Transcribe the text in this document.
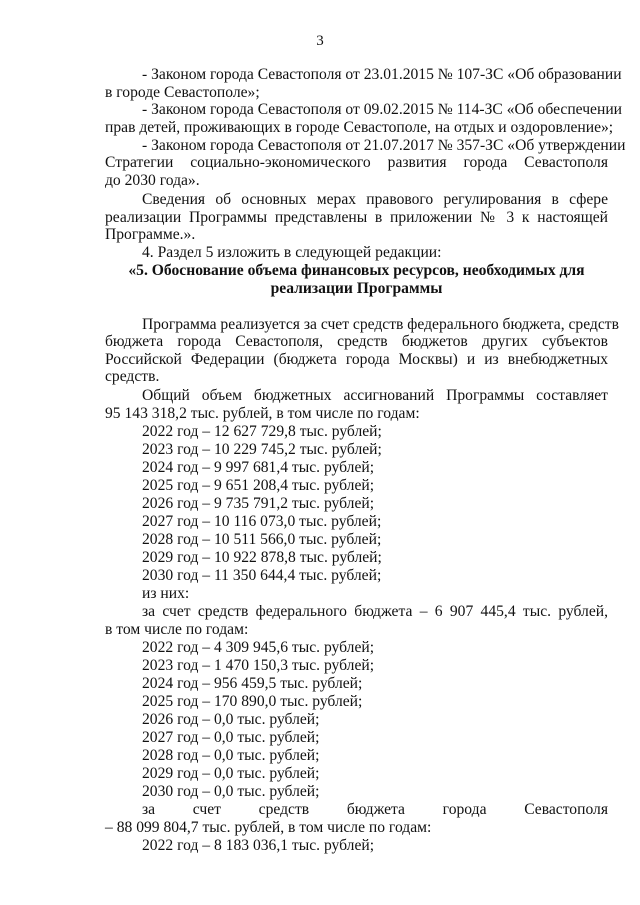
3
- Законом города Севастополя от 23.01.2015 № 107-ЗС «Об образовании
в городе Севастополе»;
- Законом города Севастополя от 09.02.2015 № 114-ЗС «Об обеспечении
прав детей, проживающих в городе Севастополе, на отдых и оздоровление»;
- Законом города Севастополя от 21.07.2017 № 357-ЗС «Об утверждении
Стратегии социально-экономического развития города Севастополя
до 2030 года».
Сведения об основных мерах правового регулирования в сфере
реализации Программы представлены в приложении № 3 к настоящей
Программе.».
4. Раздел 5 изложить в следующей редакции:
«5. Обоснование объема финансовых ресурсов, необходимых для
реализации Программы
Программа реализуется за счет средств федерального бюджета, средств
бюджета города Севастополя, средств бюджетов других субъектов
Российской Федерации (бюджета города Москвы) и из внебюджетных
средств.
Общий объем бюджетных ассигнований Программы составляет
95 143 318,2 тыс. рублей, в том числе по годам:
2022 год – 12 627 729,8 тыс. рублей;
2023 год – 10 229 745,2 тыс. рублей;
2024 год – 9 997 681,4 тыс. рублей;
2025 год – 9 651 208,4 тыс. рублей;
2026 год – 9 735 791,2 тыс. рублей;
2027 год – 10 116 073,0 тыс. рублей;
2028 год – 10 511 566,0 тыс. рублей;
2029 год – 10 922 878,8 тыс. рублей;
2030 год – 11 350 644,4 тыс. рублей;
из них:
за счет средств федерального бюджета – 6 907 445,4 тыс. рублей,
в том числе по годам:
2022 год – 4 309 945,6 тыс. рублей;
2023 год – 1 470 150,3 тыс. рублей;
2024 год – 956 459,5 тыс. рублей;
2025 год – 170 890,0 тыс. рублей;
2026 год – 0,0 тыс. рублей;
2027 год – 0,0 тыс. рублей;
2028 год – 0,0 тыс. рублей;
2029 год – 0,0 тыс. рублей;
2030 год – 0,0 тыс. рублей;
за счет средств бюджета города Севастополя
– 88 099 804,7 тыс. рублей, в том числе по годам:
2022 год – 8 183 036,1 тыс. рублей;
